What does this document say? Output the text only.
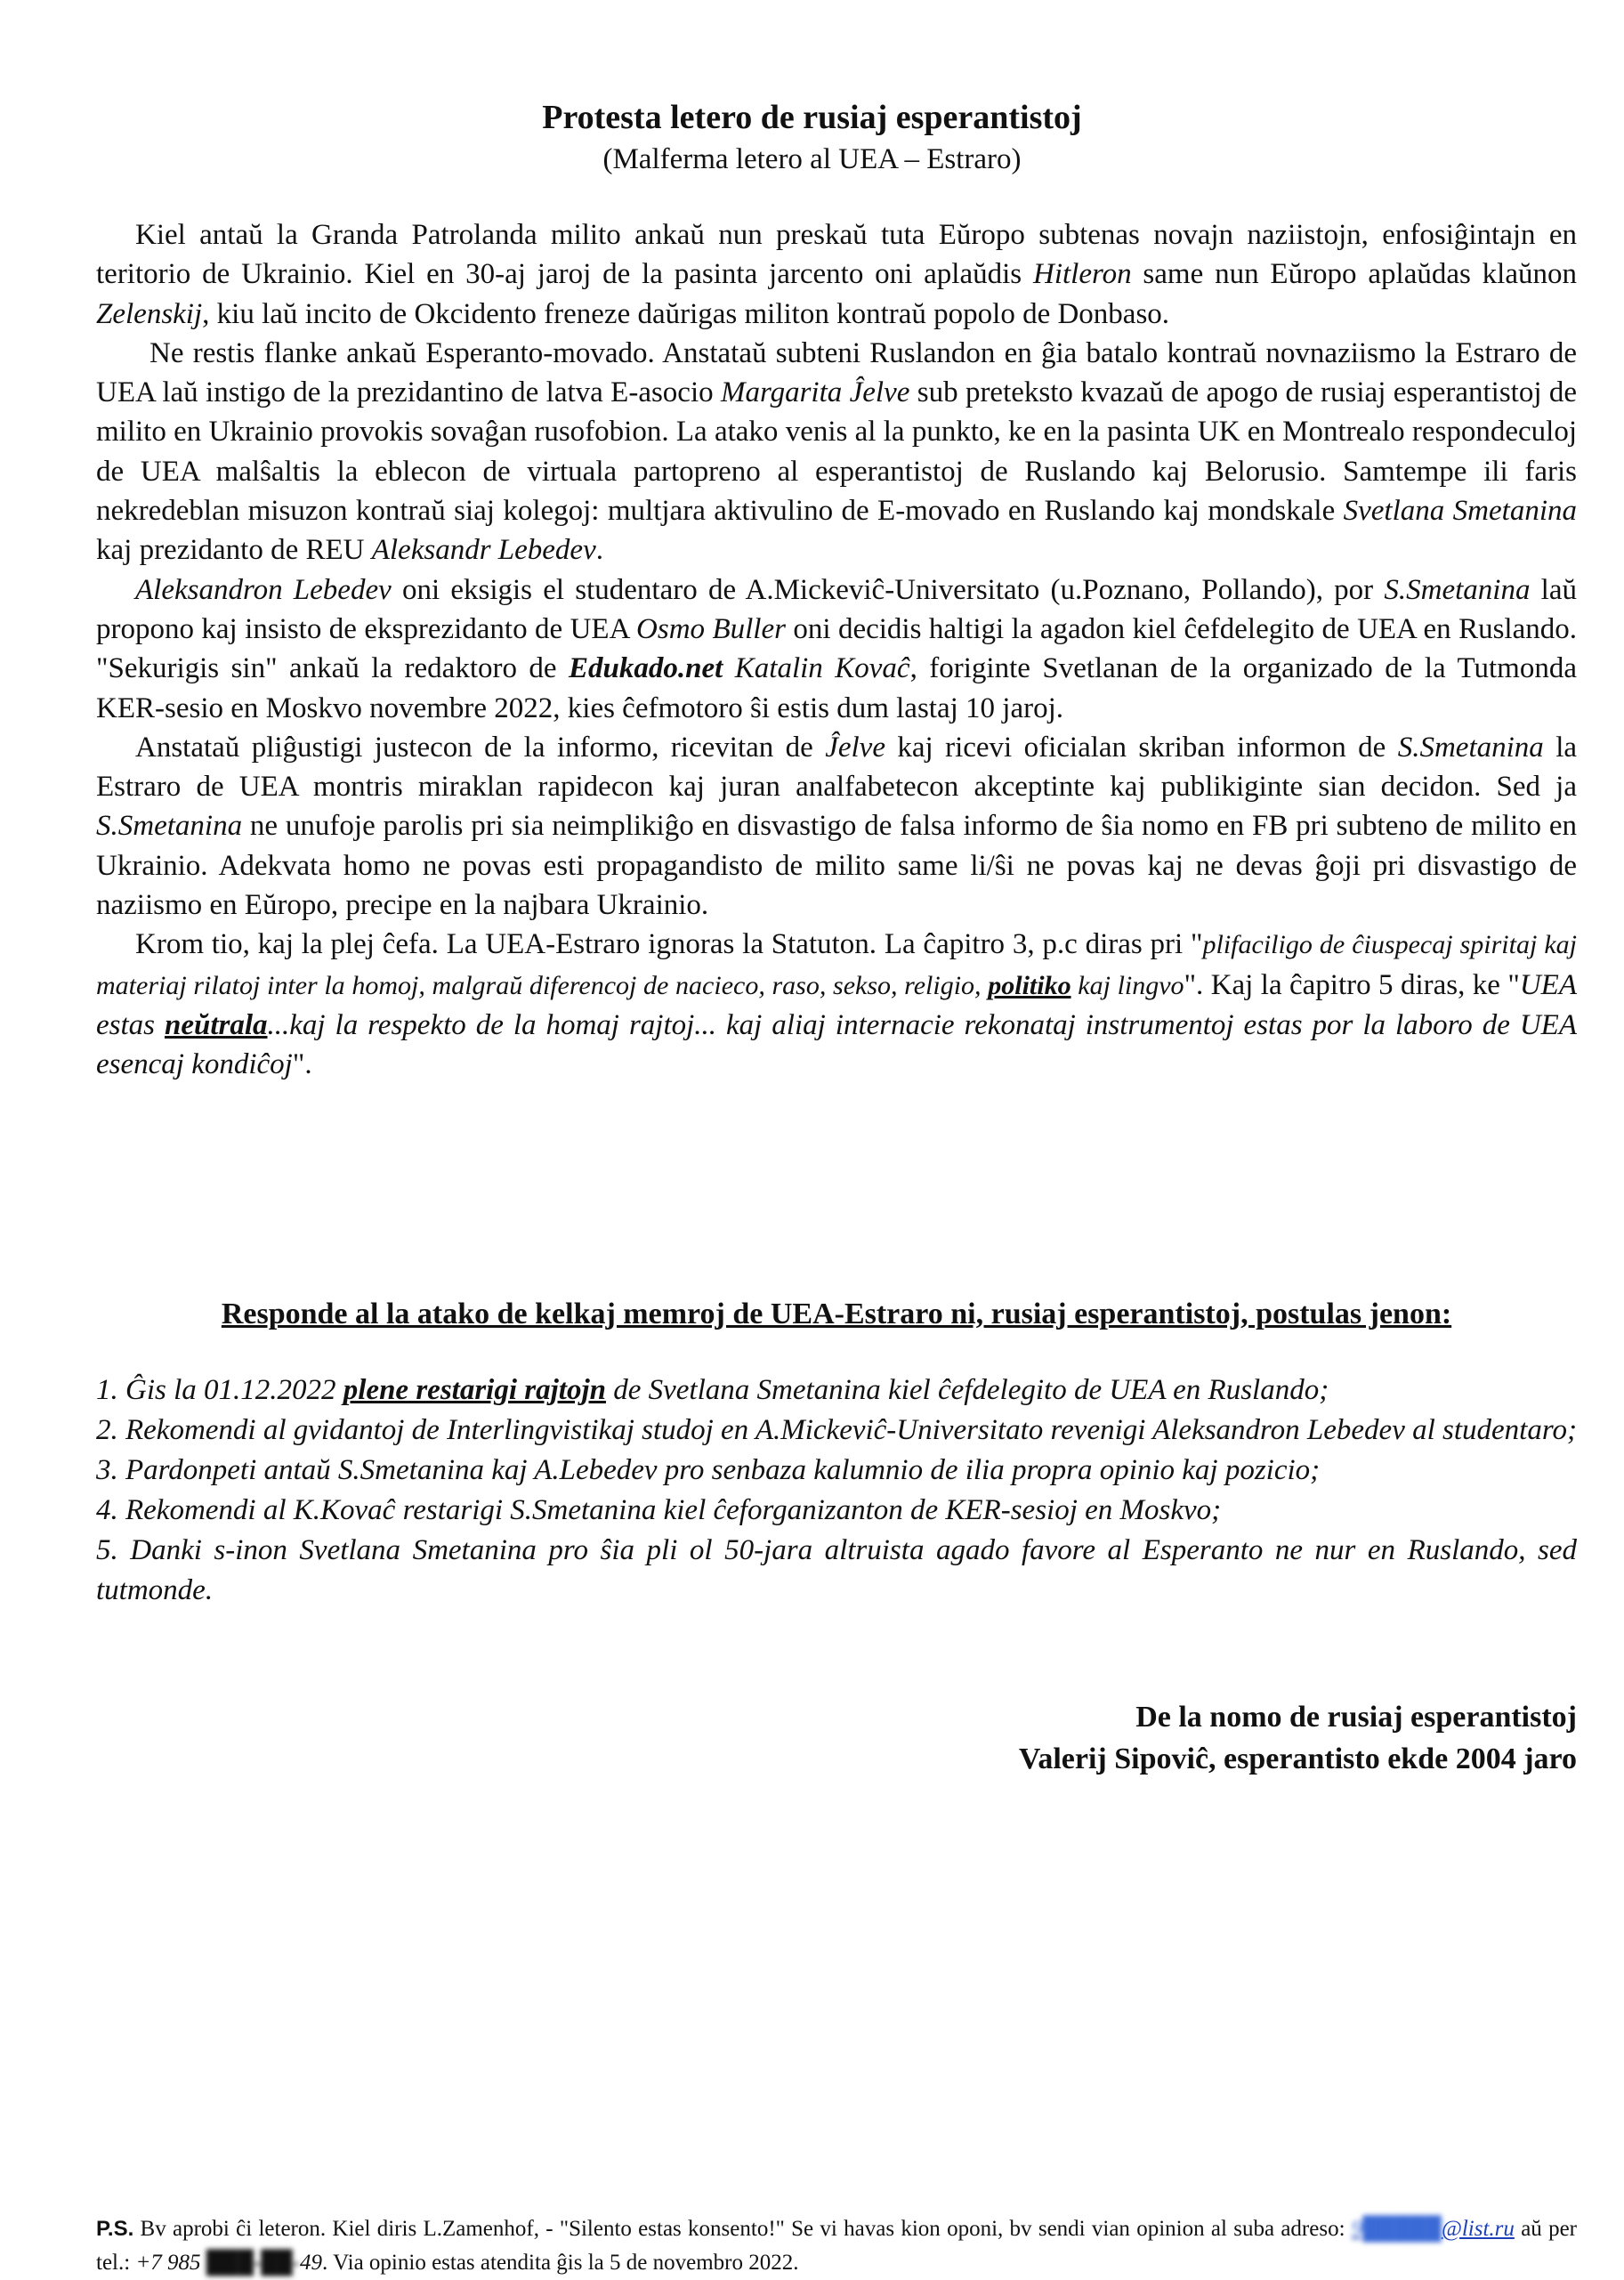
Protesta letero de rusiaj esperantistoj
(Malferma letero al UEA – Estraro)

Kiel antaŭ la Granda Patrolanda milito ankaŭ nun preskaŭ tuta Eŭropo subtenas novajn naziistojn, enfosiĝintajn en teritorio de Ukrainio. Kiel en 30-aj jaroj de la pasinta jarcento oni aplaŭdis Hitleron same nun Eŭropo aplaŭdas klaŭnon Zelenskij, kiu laŭ incito de Okcidento freneze daŭrigas militon kontraŭ popolo de Donbaso.

Ne restis flanke ankaŭ Esperanto-movado. Anstataŭ subteni Ruslandon en ĝia batalo kontraŭ novnaziismo la Estraro de UEA laŭ instigo de la prezidantino de latva E-asocio Margarita Ĵelve sub preteksto kvazaŭ de apogo de rusiaj esperantistoj de milito en Ukrainio provokis sovaĝan rusofobion. La atako venis al la punkto, ke en la pasinta UK en Montrealo respondeculoj de UEA malŝaltis la eblecon de virtuala partopreno al esperantistoj de Ruslando kaj Belorusio. Samtempe ili faris nekredeblan misuzon kontraŭ siaj kolegoj: multjara aktivulino de E-movado en Ruslando kaj mondskale Svetlana Smetanina kaj prezidanto de REU Aleksandr Lebedev.

Aleksandron Lebedev oni eksigis el studentaro de A.Mickeviĉ-Universitato (u.Poznano, Pollando), por S.Smetanina laŭ propono kaj insisto de eksprezidanto de UEA Osmo Buller oni decidis haltigi la agadon kiel ĉefdelegito de UEA en Ruslando. "Sekurigis sin" ankaŭ la redaktoro de Edukado.net Katalin Kovaĉ, foriginte Svetlanan de la organizado de la Tutmonda KER-sesio en Moskvo novembre 2022, kies ĉefmotoro ŝi estis dum lastaj 10 jaroj.

Anstataŭ pliĝustigi justecon de la informo, ricevitan de Ĵelve kaj ricevi oficialan skriban informon de S.Smetanina la Estraro de UEA montris miraklan rapidecon kaj juran analfabetecon akceptinte kaj publikiginte sian decidon. Sed ja S.Smetanina ne unufoje parolis pri sia neimplikiĝo en disvastigo de falsa informo de ŝia nomo en FB pri subteno de milito en Ukrainio. Adekvata homo ne povas esti propagandisto de milito same li/ŝi ne povas kaj ne devas ĝoji pri disvastigo de naziismo en Eŭropo, precipe en la najbara Ukrainio.

Krom tio, kaj la plej ĉefa. La UEA-Estraro ignoras la Statuton. La ĉapitro 3, p.c diras pri "plifaciligo de ĉiuspecaj spiritaj kaj materiaj rilatoj inter la homoj, malgraŭ diferencoj de nacieco, raso, sekso, religio, politiko kaj lingvo". Kaj la ĉapitro 5 diras, ke "UEA estas neŭtrala...kaj la respekto de la homaj rajtoj... kaj aliaj internacie rekonataj instrumentoj estas por la laboro de UEA esencaj kondiĉoj".

Responde al la atako de kelkaj memroj de UEA-Estraro ni, rusiaj esperantistoj, postulas jenon:
1. Ĝis la 01.12.2022 plene restarigi rajtojn de Svetlana Smetanina kiel ĉefdelegito de UEA en Ruslando;
2. Rekomendi al gvidantoj de Interlingvistikaj studoj en A.Mickeviĉ-Universitato revenigi Aleksandron Lebedev al studentaro;
3. Pardonpeti antaŭ S.Smetanina kaj A.Lebedev pro senbaza kalumnio de ilia propra opinio kaj pozicio;
4. Rekomendi al K.Kovaĉ restarigi S.Smetanina kiel ĉeforganizanton de KER-sesioj en Moskvo;
5. Danki s-inon Svetlana Smetanina pro ŝia pli ol 50-jara altruista agado favore al Esperanto ne nur en Ruslando, sed tutmonde.
De la nomo de rusiaj esperantistoj
Valerij Sipoviĉ, esperantisto ekde 2004 jaro
P.S. Bv aprobi ĉi leteron. Kiel diris L.Zamenhof, - "Silento estas konsento!" Se vi havas kion oponi, bv sendi vian opinion al suba adreso: 9█████@list.ru aŭ per tel.: +7 985 ███-██-49. Via opinio estas atendita ĝis la 5 de novembro 2022.
